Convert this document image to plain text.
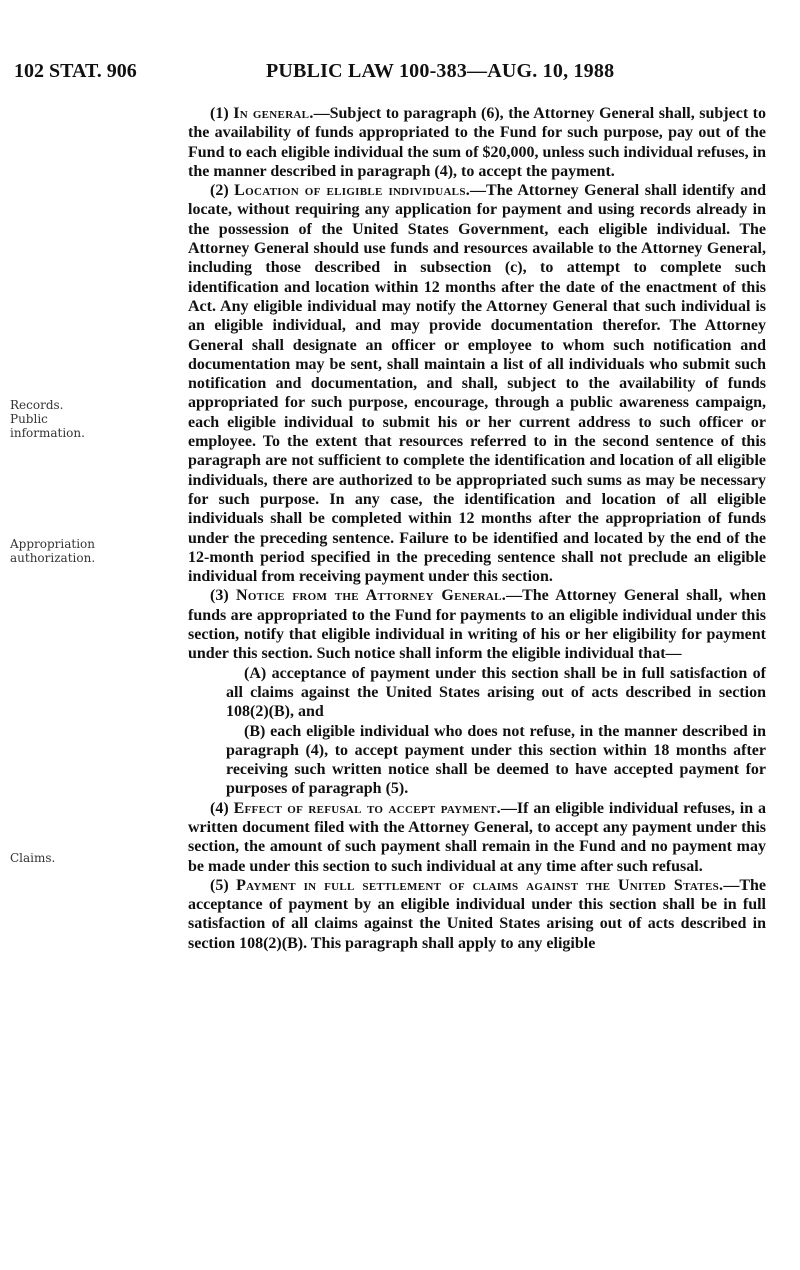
102 STAT. 906	PUBLIC LAW 100-383—AUG. 10, 1988
Records.
Public
information.
Appropriation
authorization.
Claims.

(1) In general.—Subject to paragraph (6), the Attorney General shall, subject to the availability of funds appropriated to the Fund for such purpose, pay out of the Fund to each eligible individual the sum of $20,000, unless such individual refuses, in the manner described in paragraph (4), to accept the payment.

(2) Location of eligible individuals.—The Attorney General shall identify and locate, without requiring any application for payment and using records already in the possession of the United States Government, each eligible individual. The Attorney General should use funds and resources available to the Attorney General, including those described in subsection (c), to attempt to complete such identification and location within 12 months after the date of the enactment of this Act. Any eligible individual may notify the Attorney General that such individual is an eligible individual, and may provide documentation therefor. The Attorney General shall designate an officer or employee to whom such notification and documentation may be sent, shall maintain a list of all individuals who submit such notification and documentation, and shall, subject to the availability of funds appropriated for such purpose, encourage, through a public awareness campaign, each eligible individual to submit his or her current address to such officer or employee. To the extent that resources referred to in the second sentence of this paragraph are not sufficient to complete the identification and location of all eligible individuals, there are authorized to be appropriated such sums as may be necessary for such purpose. In any case, the identification and location of all eligible individuals shall be completed within 12 months after the appropriation of funds under the preceding sentence. Failure to be identified and located by the end of the 12-month period specified in the preceding sentence shall not preclude an eligible individual from receiving payment under this section.

(3) Notice from the Attorney General.—The Attorney General shall, when funds are appropriated to the Fund for payments to an eligible individual under this section, notify that eligible individual in writing of his or her eligibility for payment under this section. Such notice shall inform the eligible individual that—

(A) acceptance of payment under this section shall be in full satisfaction of all claims against the United States arising out of acts described in section 108(2)(B), and

(B) each eligible individual who does not refuse, in the manner described in paragraph (4), to accept payment under this section within 18 months after receiving such written notice shall be deemed to have accepted payment for purposes of paragraph (5).

(4) Effect of refusal to accept payment.—If an eligible individual refuses, in a written document filed with the Attorney General, to accept any payment under this section, the amount of such payment shall remain in the Fund and no payment may be made under this section to such individual at any time after such refusal.

(5) Payment in full settlement of claims against the United States.—The acceptance of payment by an eligible individual under this section shall be in full satisfaction of all claims against the United States arising out of acts described in section 108(2)(B). This paragraph shall apply to any eligible
